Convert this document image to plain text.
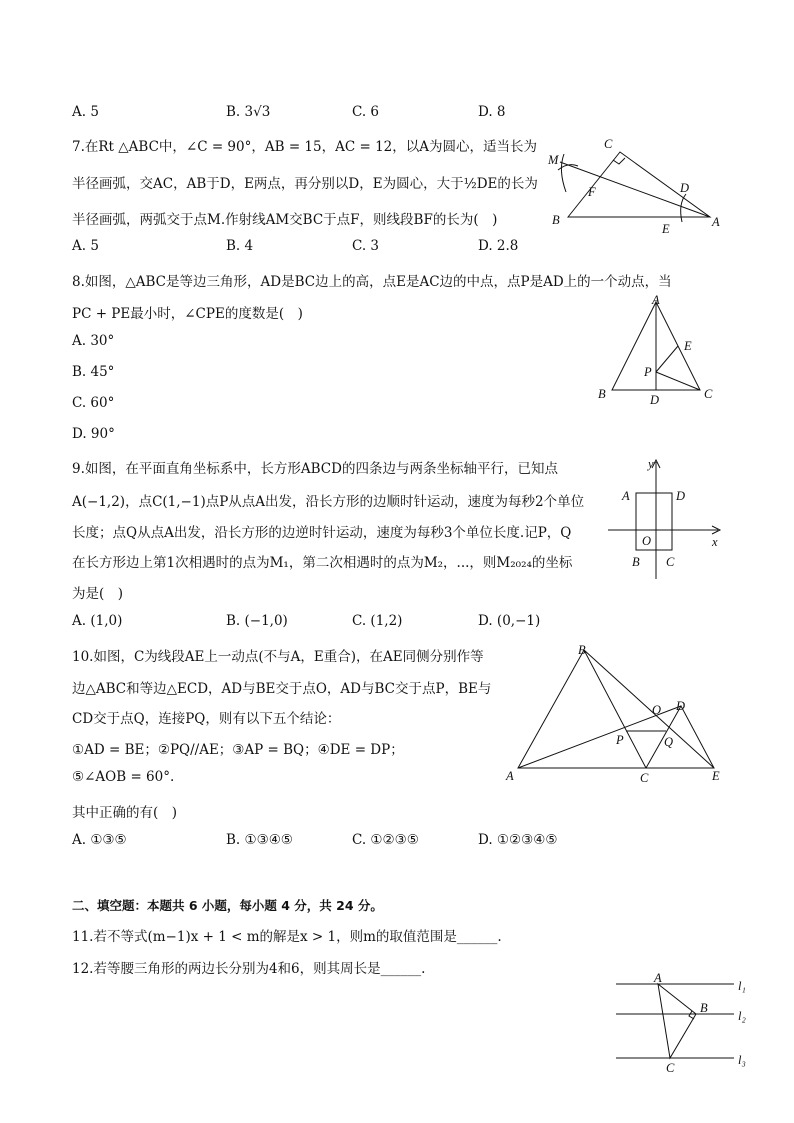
A. 5	B. 3√3	C. 6	D. 8
7.在Rt △ABC中，∠C = 90°，AB = 15，AC = 12，以A为圆心，适当长为
半径画弧，交AC，AB于D，E两点，再分别以D，E为圆心，大于½DE的长为
半径画弧，两弧交于点M.作射线AM交BC于点F，则线段BF的长为(　)
A. 5	B. 4	C. 3	D. 2.8
C
M
F	D
B
E	A
8.如图，△ABC是等边三角形，AD是BC边上的高，点E是AC边的中点，点P是AD上的一个动点，当
PC + PE最小时，∠CPE的度数是(　)
A. 30°
B. 45°
C. 60°
D. 90°
A
E
P
B	D	C
9.如图，在平面直角坐标系中，长方形ABCD的四条边与两条坐标轴平行，已知点
A(−1,2)，点C(1,−1)点P从点A出发，沿长方形的边顺时针运动，速度为每秒2个单位
长度；点Q从点A出发，沿长方形的边逆时针运动，速度为每秒3个单位长度.记P，Q
在长方形边上第1次相遇时的点为M₁，第二次相遇时的点为M₂，...，则M₂₀₂₄的坐标
为是(　)
A. (1,0)	B. (−1,0)	C. (1,2)	D. (0,−1)
y
x
A	D
O
B C
10.如图，C为线段AE上一动点(不与A，E重合)，在AE同侧分别作等
边△ABC和等边△ECD，AD与BE交于点O，AD与BC交于点P，BE与
CD交于点Q，连接PQ，则有以下五个结论：
①AD = BE；②PQ//AE；③AP = BQ；④DE = DP；
⑤∠AOB = 60°.
其中正确的有(　)
A. ①③⑤	B. ①③④⑤	C. ①②③⑤	D. ①②③④⑤
B
O D
P	Q
A	C	E
二、填空题：本题共 6 小题，每小题 4 分，共 24 分。
11.若不等式(m−1)x + 1 < m的解是x > 1，则m的取值范围是______.
12.若等腰三角形的两边长分别为4和6，则其周长是______.
A
B
C
l₁
l₂
l₃
